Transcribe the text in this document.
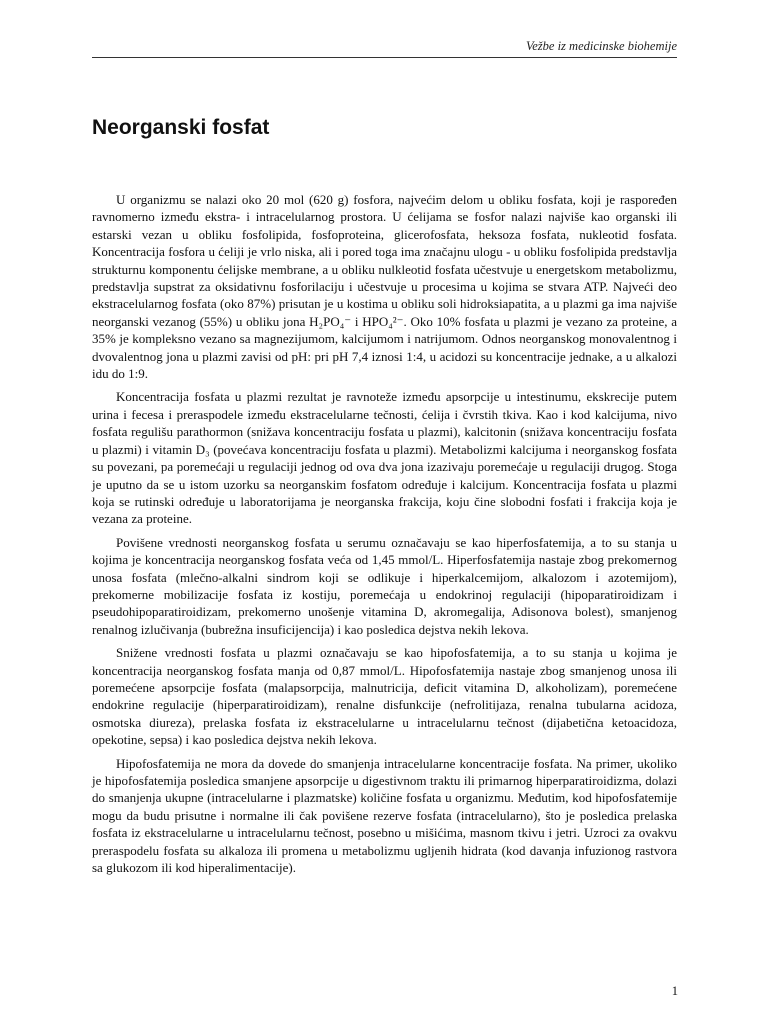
Vežbe iz medicinske biohemije
Neorganski fosfat

U organizmu se nalazi oko 20 mol (620 g) fosfora, najvećim delom u obliku fosfata, koji je raspoređen ravnomerno između ekstra- i intracelularnog prostora. U ćelijama se fosfor nalazi najviše kao organski ili estarski vezan u obliku fosfolipida, fosfoproteina, glicerofosfata, heksoza fosfata, nukleotid fosfata. Koncentracija fosfora u ćeliji je vrlo niska, ali i pored toga ima značajnu ulogu - u obliku fosfolipida predstavlja strukturnu komponentu ćelijske membrane, a u obliku nulkleotid fosfata učestvuje u energetskom metabolizmu, predstavlja supstrat za oksidativnu fosforilaciju i učestvuje u procesima u kojima se stvara ATP. Najveći deo ekstracelularnog fosfata (oko 87%) prisutan je u kostima u obliku soli hidroksiapatita, a u plazmi ga ima najviše neorganski vezanog (55%) u obliku jona H₂PO₄⁻ i HPO₄²⁻. Oko 10% fosfata u plazmi je vezano za proteine, a 35% je kompleksno vezano sa magnezijumom, kalcijumom i natrijumom. Odnos neorganskog monovalentnog i dvovalentnog jona u plazmi zavisi od pH: pri pH 7,4 iznosi 1:4, u acidozi su koncentracije jednake, a u alkalozi idu do 1:9.

Koncentracija fosfata u plazmi rezultat je ravnoteže između apsorpcije u intestinumu, ekskrecije putem urina i fecesa i preraspodele između ekstracelularne tečnosti, ćelija i čvrstih tkiva. Kao i kod kalcijuma, nivo fosfata regulišu parathormon (snižava koncentraciju fosfata u plazmi), kalcitonin (snižava koncentraciju fosfata u plazmi) i vitamin D₃ (povećava koncentraciju fosfata u plazmi). Metabolizmi kalcijuma i neorganskog fosfata su povezani, pa poremećaji u regulaciji jednog od ova dva jona izazivaju poremećaje u regulaciji drugog. Stoga je uputno da se u istom uzorku sa neorganskim fosfatom određuje i kalcijum. Koncentracija fosfata u plazmi koja se rutinski određuje u laboratorijama je neorganska frakcija, koju čine slobodni fosfati i frakcija koja je vezana za proteine.

Povišene vrednosti neorganskog fosfata u serumu označavaju se kao hiperfosfatemija, a to su stanja u kojima je koncentracija neorganskog fosfata veća od 1,45 mmol/L. Hiperfosfatemija nastaje zbog prekomernog unosa fosfata (mlečno-alkalni sindrom koji se odlikuje i hiperkalcemijom, alkalozom i azotemijom), prekomerne mobilizacije fosfata iz kostiju, poremećaja u endokrinoj regulaciji (hipoparatiroidizam i pseudohipoparatiroidizam, prekomerno unošenje vitamina D, akromegalija, Adisonova bolest), smanjenog renalnog izlučivanja (bubrežna insuficijencija) i kao posledica dejstva nekih lekova.

Snižene vrednosti fosfata u plazmi označavaju se kao hipofosfatemija, a to su stanja u kojima je koncentracija neorganskog fosfata manja od 0,87 mmol/L. Hipofosfatemija nastaje zbog smanjenog unosa ili poremećene apsorpcije fosfata (malapsorpcija, malnutricija, deficit vitamina D, alkoholizam), poremećene endokrine regulacije (hiperparatiroidizam), renalne disfunkcije (nefrolitijaza, renalna tubularna acidoza, osmotska diureza), prelaska fosfata iz ekstracelularne u intracelularnu tečnost (dijabetična ketoacidoza, opekotine, sepsa) i kao posledica dejstva nekih lekova.

Hipofosfatemija ne mora da dovede do smanjenja intracelularne koncentracije fosfata. Na primer, ukoliko je hipofosfatemija posledica smanjene apsorpcije u digestivnom traktu ili primarnog hiperparatiroidizma, dolazi do smanjenja ukupne (intracelularne i plazmatske) količine fosfata u organizmu. Međutim, kod hipofosfatemije mogu da budu prisutne i normalne ili čak povišene rezerve fosfata (intracelularno), što je posledica prelaska fosfata iz ekstracelularne u intracelularnu tečnost, posebno u mišićima, masnom tkivu i jetri. Uzroci za ovakvu preraspodelu fosfata su alkaloza ili promena u metabolizmu ugljenih hidrata (kod davanja infuzionog rastvora sa glukozom ili kod hiperalimentacije).

1
